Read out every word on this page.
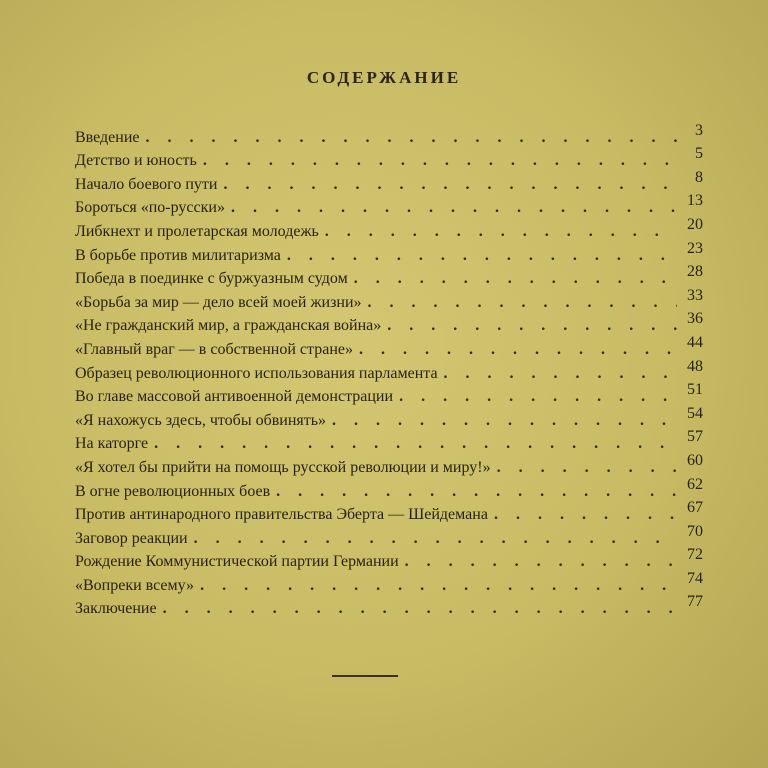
СОДЕРЖАНИЕ
Введение . . .	3
Детство и юность . . .	5
Начало боевого пути . . .	8
Бороться «по-русски» . . .	13
Либкнехт и пролетарская молодежь . . .	20
В борьбе против милитаризма . . .	23
Победа в поединке с буржуазным судом . . .	28
«Борьба за мир — дело всей моей жизни» . . .	33
«Не гражданский мир, а гражданская война» . . .	36
«Главный враг — в собственной стране» . . .	44
Образец революционного использования парламента . . .	48
Во главе массовой антивоенной демонстрации . . .	51
«Я нахожусь здесь, чтобы обвинять» . . .	54
На каторге . . .	57
«Я хотел бы прийти на помощь русской революции и миру!» . . .	60
В огне революционных боев . . .	62
Против антинародного правительства Эберта — Шейдемана . . .	67
Заговор реакции . . .	70
Рождение Коммунистической партии Германии . . .	72
«Вопреки всему» . . .	74
Заключение . . .	77
